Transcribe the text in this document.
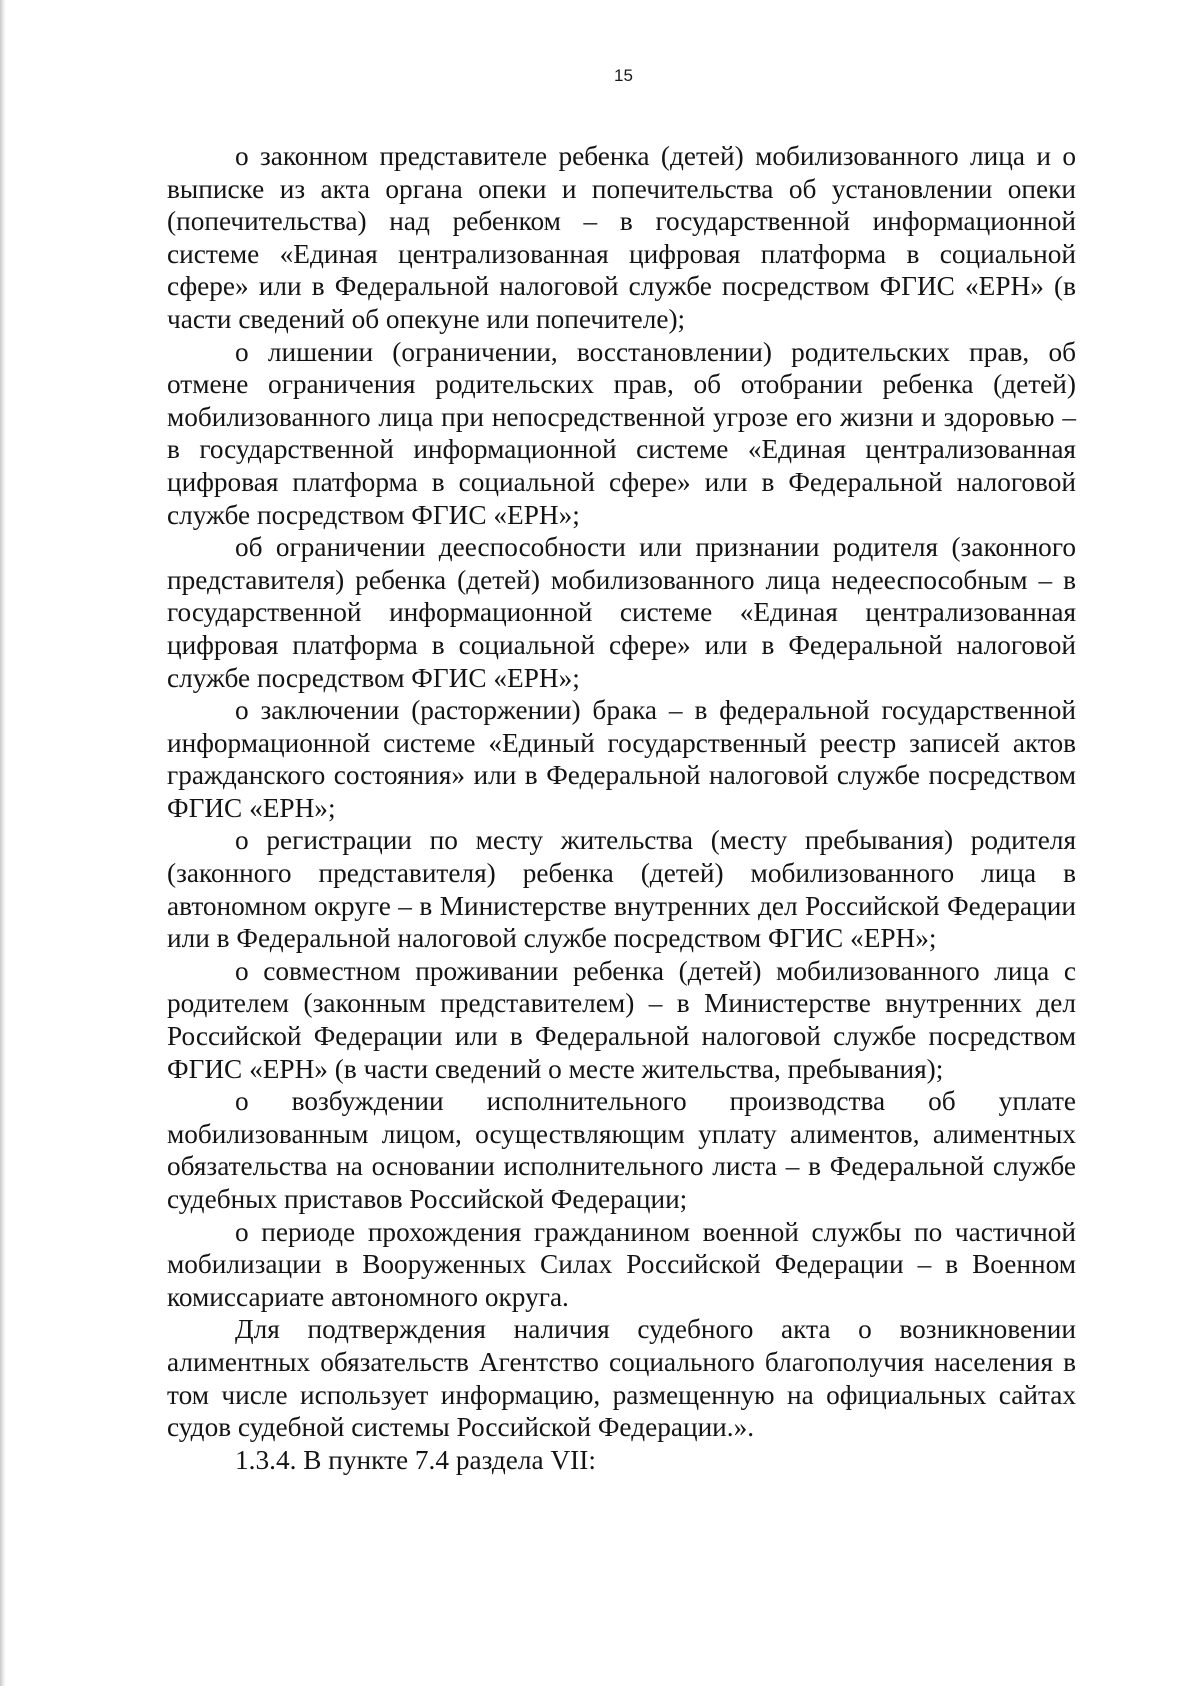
15

о законном представителе ребенка (детей) мобилизованного лица и о выписке из акта органа опеки и попечительства об установлении опеки (попечительства) над ребенком – в государственной информационной системе «Единая централизованная цифровая платформа в социальной сфере» или в Федеральной налоговой службе посредством ФГИС «ЕРН» (в части сведений об опекуне или попечителе);

о лишении (ограничении, восстановлении) родительских прав, об отмене ограничения родительских прав, об отобрании ребенка (детей) мобилизованного лица при непосредственной угрозе его жизни и здоровью – в государственной информационной системе «Единая централизованная цифровая платформа в социальной сфере» или в Федеральной налоговой службе посредством ФГИС «ЕРН»;

об ограничении дееспособности или признании родителя (законного представителя) ребенка (детей) мобилизованного лица недееспособным – в государственной информационной системе «Единая централизованная цифровая платформа в социальной сфере» или в Федеральной налоговой службе посредством ФГИС «ЕРН»;

о заключении (расторжении) брака – в федеральной государственной информационной системе «Единый государственный реестр записей актов гражданского состояния» или в Федеральной налоговой службе посредством ФГИС «ЕРН»;

о регистрации по месту жительства (месту пребывания) родителя (законного представителя) ребенка (детей) мобилизованного лица в автономном округе – в Министерстве внутренних дел Российской Федерации или в Федеральной налоговой службе посредством ФГИС «ЕРН»;

о совместном проживании ребенка (детей) мобилизованного лица с родителем (законным представителем) – в Министерстве внутренних дел Российской Федерации или в Федеральной налоговой службе посредством ФГИС «ЕРН» (в части сведений о месте жительства, пребывания);

о возбуждении исполнительного производства об уплате мобилизованным лицом, осуществляющим уплату алиментов, алиментных обязательства на основании исполнительного листа – в Федеральной службе судебных приставов Российской Федерации;

о периоде прохождения гражданином военной службы по частичной мобилизации в Вооруженных Силах Российской Федерации – в Военном комиссариате автономного округа.

Для подтверждения наличия судебного акта о возникновении алиментных обязательств Агентство социального благополучия населения в том числе использует информацию, размещенную на официальных сайтах судов судебной системы Российской Федерации.».

1.3.4. В пункте 7.4 раздела VII:
